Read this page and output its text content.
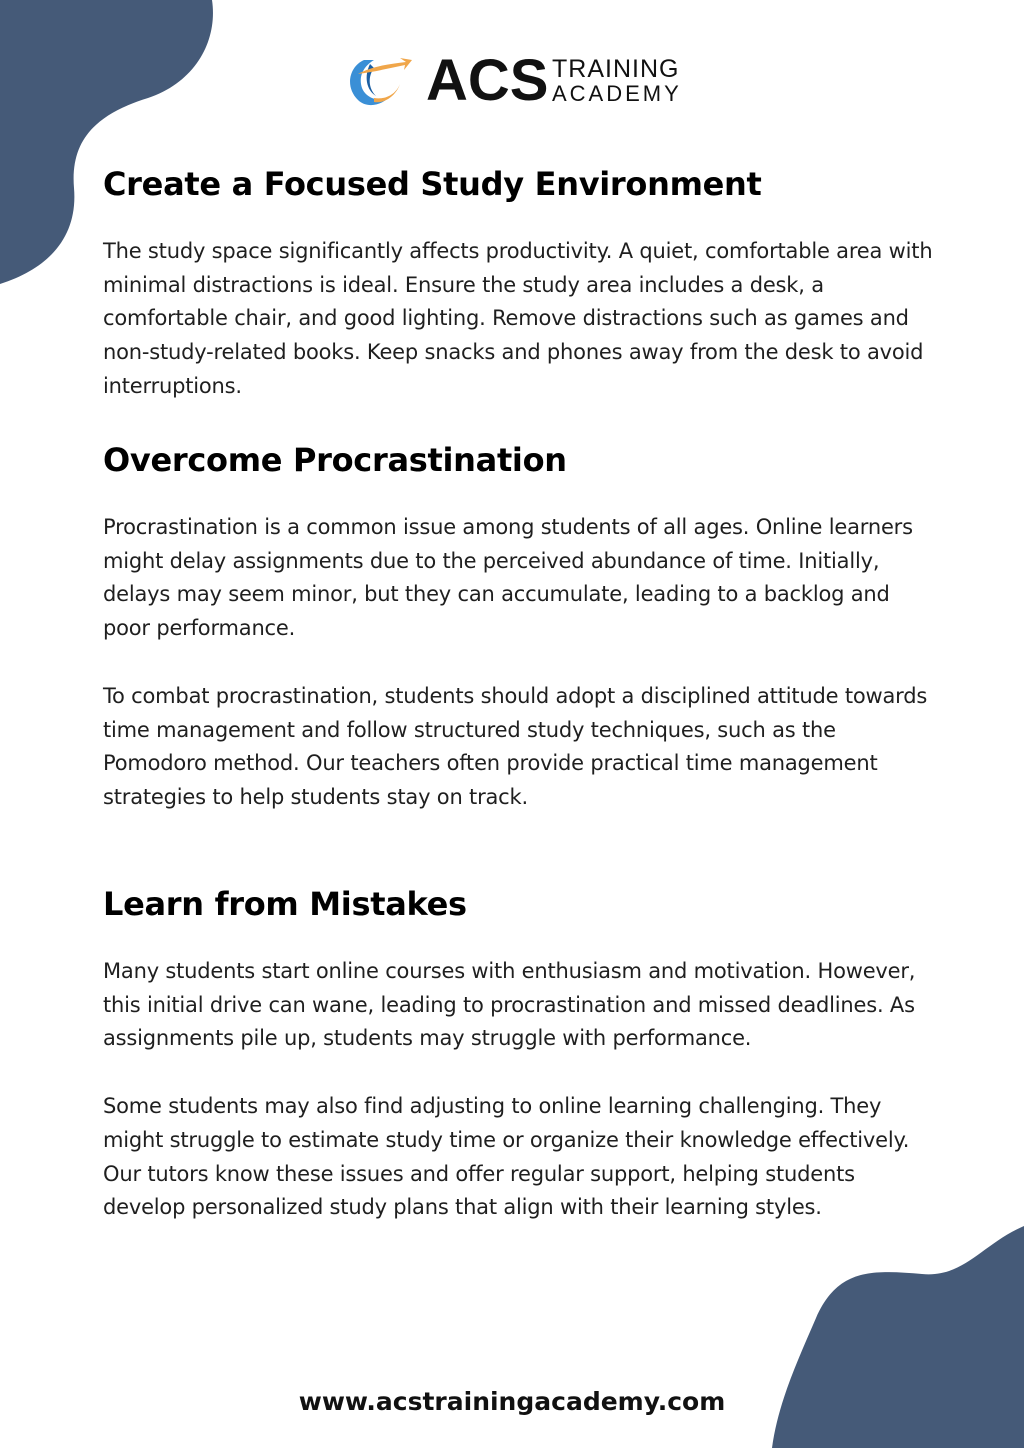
ACS TRAINING
ACADEMY
Create a Focused Study Environment

The study space significantly affects productivity. A quiet, comfortable area with minimal distractions is ideal. Ensure the study area includes a desk, a comfortable chair, and good lighting. Remove distractions such as games and non-study-related books. Keep snacks and phones away from the desk to avoid interruptions.

Overcome Procrastination

Procrastination is a common issue among students of all ages. Online learners might delay assignments due to the perceived abundance of time. Initially, delays may seem minor, but they can accumulate, leading to a backlog and poor performance.

To combat procrastination, students should adopt a disciplined attitude towards time management and follow structured study techniques, such as the Pomodoro method. Our teachers often provide practical time management strategies to help students stay on track.

Learn from Mistakes

Many students start online courses with enthusiasm and motivation. However, this initial drive can wane, leading to procrastination and missed deadlines. As assignments pile up, students may struggle with performance.

Some students may also find adjusting to online learning challenging. They might struggle to estimate study time or organize their knowledge effectively. Our tutors know these issues and offer regular support, helping students develop personalized study plans that align with their learning styles.

www.acstrainingacademy.com
